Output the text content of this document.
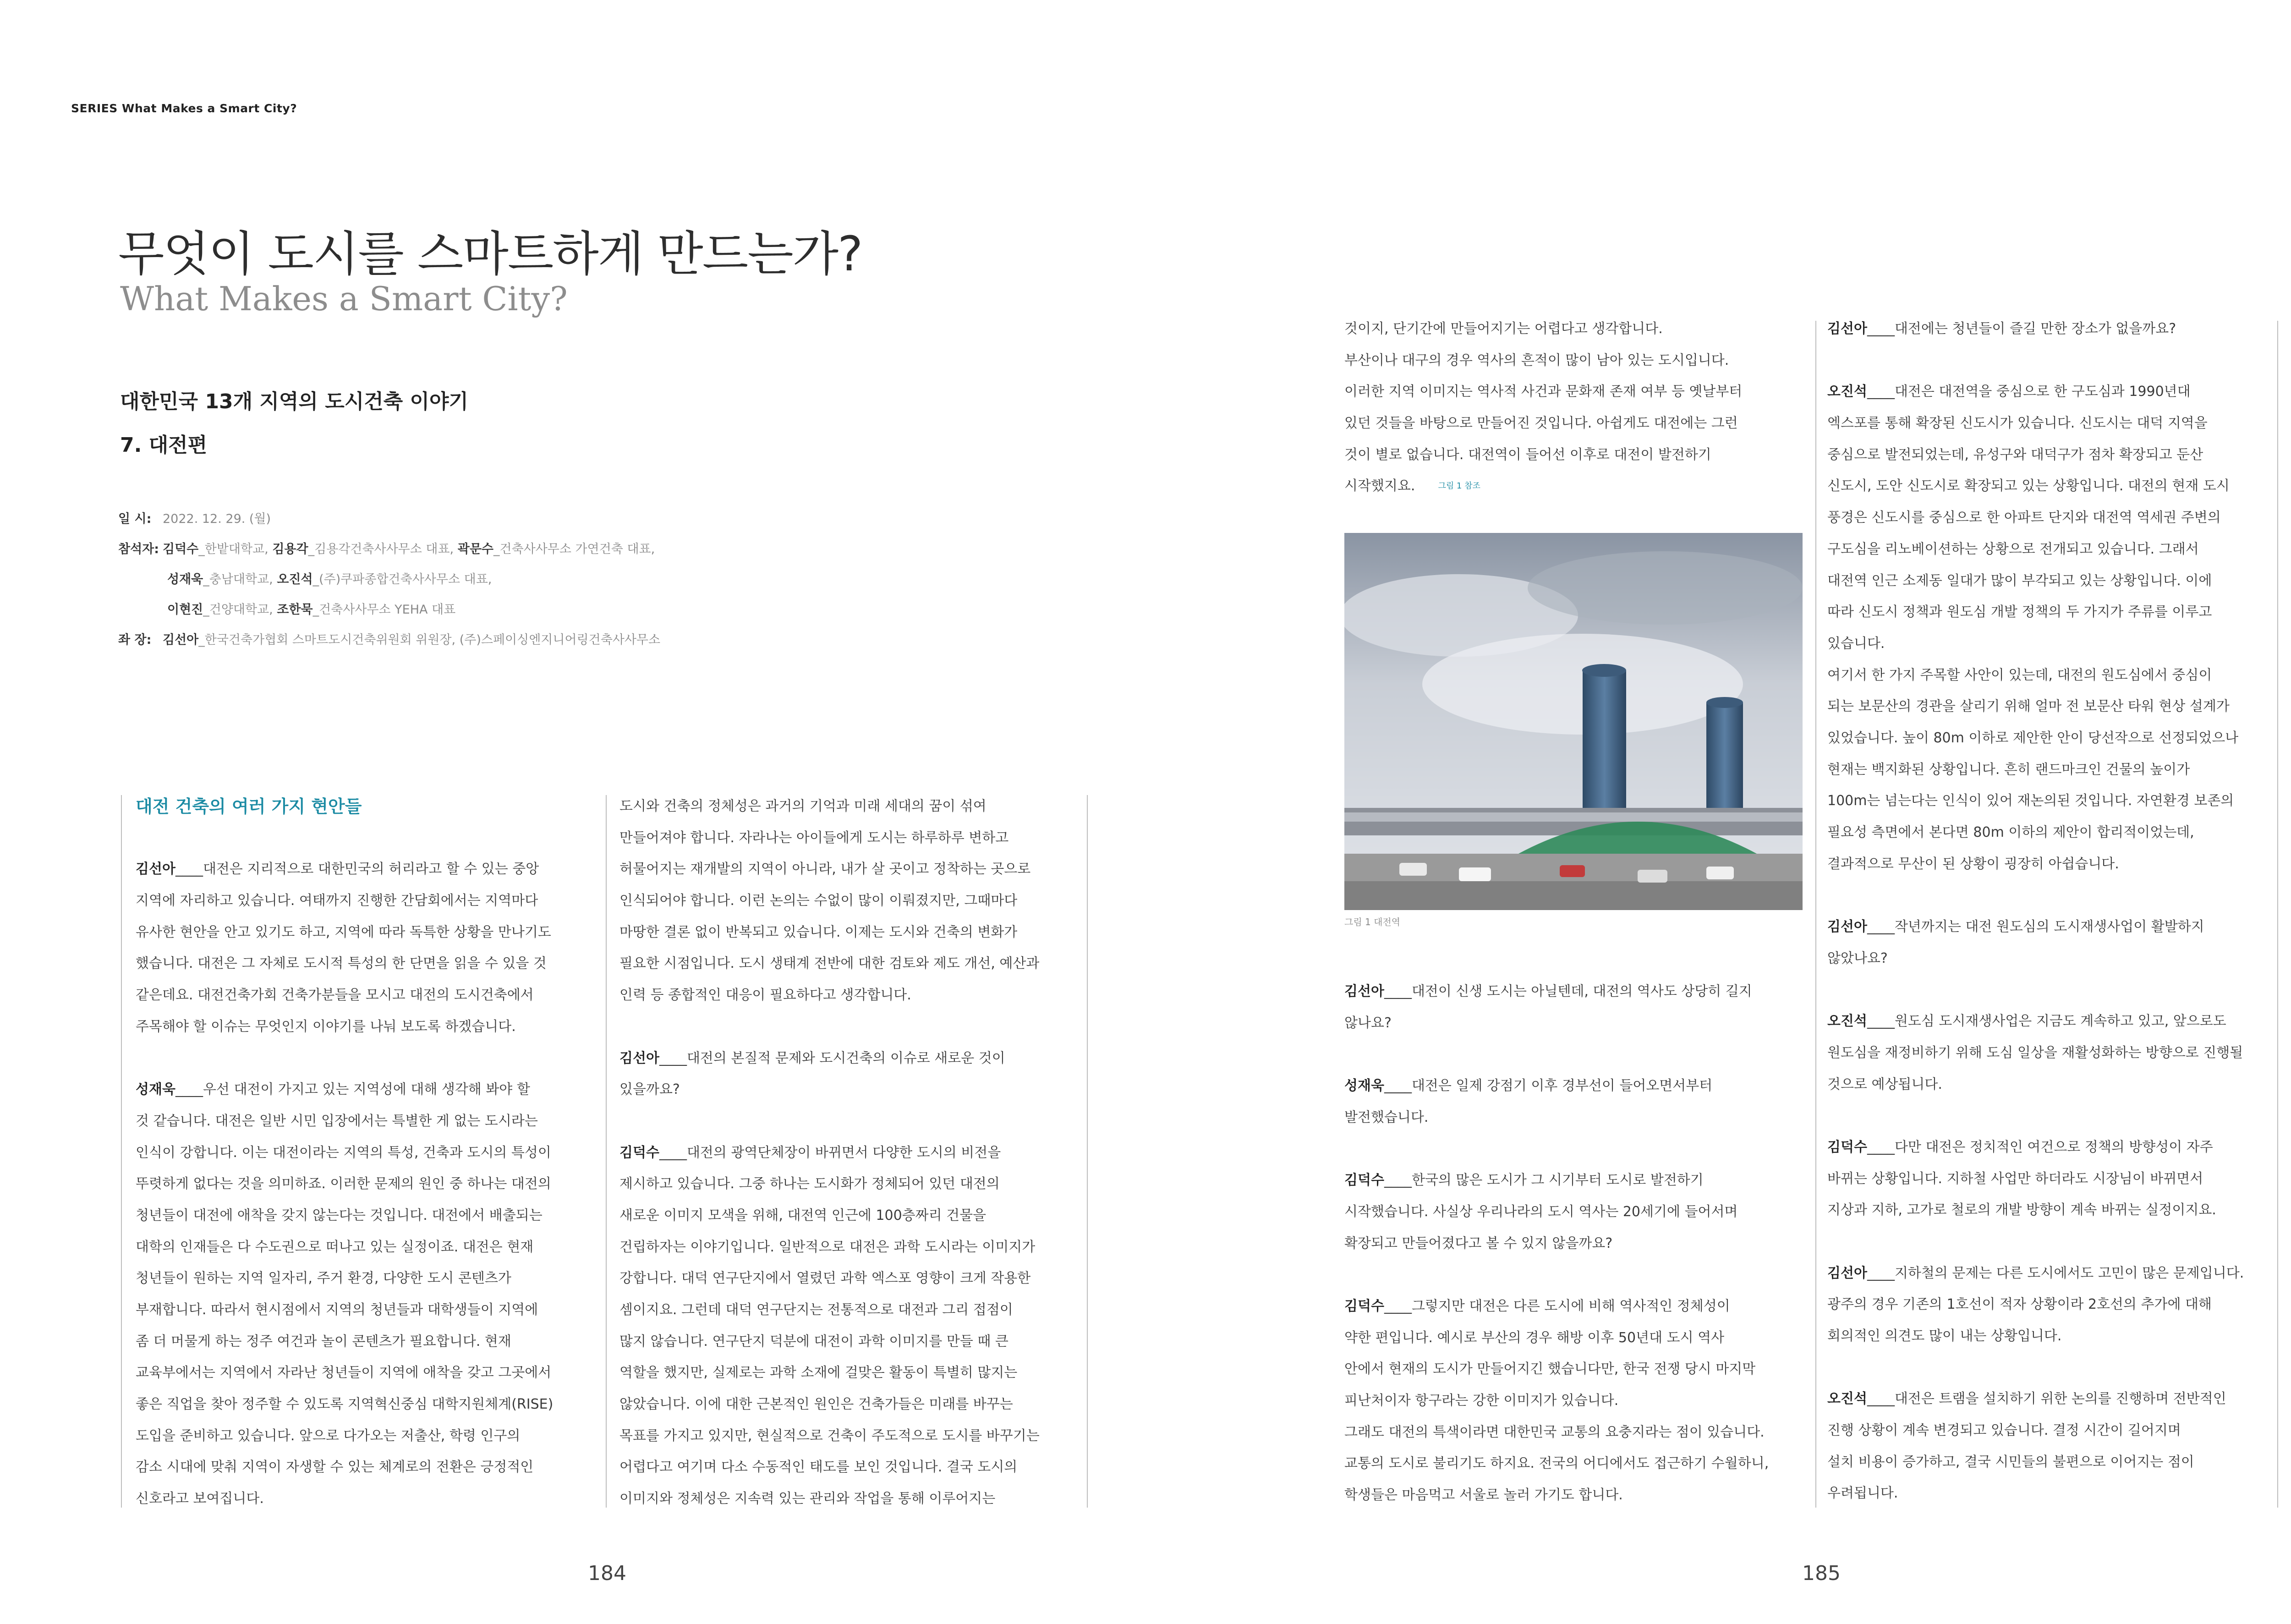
SERIES What Makes a Smart City?
무엇이 도시를 스마트하게 만드는가?
What Makes a Smart City?
대한민국 13개 지역의 도시건축 이야기
7. 대전편
일 시: 2022. 12. 29. (월)
참석자: 김덕수_한밭대학교, 김용각_김용각건축사사무소 대표, 곽문수_건축사사무소 가연건축 대표,
성재욱_충남대학교, 오진석_(주)쿠파종합건축사사무소 대표,
이현진_건양대학교, 조한묵_건축사사무소 YEHA 대표
좌 장: 김선아_한국건축가협회 스마트도시건축위원회 위원장, (주)스페이싱엔지니어링건축사사무소
대전 건축의 여러 가지 현안들
김선아____대전은 지리적으로 대한민국의 허리라고 할 수 있는 중앙
지역에 자리하고 있습니다. 여태까지 진행한 간담회에서는 지역마다
유사한 현안을 안고 있기도 하고, 지역에 따라 독특한 상황을 만나기도
했습니다. 대전은 그 자체로 도시적 특성의 한 단면을 읽을 수 있을 것
같은데요. 대전건축가회 건축가분들을 모시고 대전의 도시건축에서
주목해야 할 이슈는 무엇인지 이야기를 나눠 보도록 하겠습니다.
성재욱____우선 대전이 가지고 있는 지역성에 대해 생각해 봐야 할
것 같습니다. 대전은 일반 시민 입장에서는 특별한 게 없는 도시라는
인식이 강합니다. 이는 대전이라는 지역의 특성, 건축과 도시의 특성이
뚜렷하게 없다는 것을 의미하죠. 이러한 문제의 원인 중 하나는 대전의
청년들이 대전에 애착을 갖지 않는다는 것입니다. 대전에서 배출되는
대학의 인재들은 다 수도권으로 떠나고 있는 실정이죠. 대전은 현재
청년들이 원하는 지역 일자리, 주거 환경, 다양한 도시 콘텐츠가
부재합니다. 따라서 현시점에서 지역의 청년들과 대학생들이 지역에
좀 더 머물게 하는 정주 여건과 놀이 콘텐츠가 필요합니다. 현재
교육부에서는 지역에서 자라난 청년들이 지역에 애착을 갖고 그곳에서
좋은 직업을 찾아 정주할 수 있도록 지역혁신중심 대학지원체계(RISE)
도입을 준비하고 있습니다. 앞으로 다가오는 저출산, 학령 인구의
감소 시대에 맞춰 지역이 자생할 수 있는 체계로의 전환은 긍정적인
신호라고 보여집니다.
도시와 건축의 정체성은 과거의 기억과 미래 세대의 꿈이 섞여
만들어져야 합니다. 자라나는 아이들에게 도시는 하루하루 변하고
허물어지는 재개발의 지역이 아니라, 내가 살 곳이고 정착하는 곳으로
인식되어야 합니다. 이런 논의는 수없이 많이 이뤄졌지만, 그때마다
마땅한 결론 없이 반복되고 있습니다. 이제는 도시와 건축의 변화가
필요한 시점입니다. 도시 생태계 전반에 대한 검토와 제도 개선, 예산과
인력 등 종합적인 대응이 필요하다고 생각합니다.
김선아____대전의 본질적 문제와 도시건축의 이슈로 새로운 것이
있을까요?
김덕수____대전의 광역단체장이 바뀌면서 다양한 도시의 비전을
제시하고 있습니다. 그중 하나는 도시화가 정체되어 있던 대전의
새로운 이미지 모색을 위해, 대전역 인근에 100층짜리 건물을
건립하자는 이야기입니다. 일반적으로 대전은 과학 도시라는 이미지가
강합니다. 대덕 연구단지에서 열렸던 과학 엑스포 영향이 크게 작용한
셈이지요. 그런데 대덕 연구단지는 전통적으로 대전과 그리 접점이
많지 않습니다. 연구단지 덕분에 대전이 과학 이미지를 만들 때 큰
역할을 했지만, 실제로는 과학 소재에 걸맞은 활동이 특별히 많지는
않았습니다. 이에 대한 근본적인 원인은 건축가들은 미래를 바꾸는
목표를 가지고 있지만, 현실적으로 건축이 주도적으로 도시를 바꾸기는
어렵다고 여기며 다소 수동적인 태도를 보인 것입니다. 결국 도시의
이미지와 정체성은 지속력 있는 관리와 작업을 통해 이루어지는
것이지, 단기간에 만들어지기는 어렵다고 생각합니다.
부산이나 대구의 경우 역사의 흔적이 많이 남아 있는 도시입니다.
이러한 지역 이미지는 역사적 사건과 문화재 존재 여부 등 옛날부터
있던 것들을 바탕으로 만들어진 것입니다. 아쉽게도 대전에는 그런
것이 별로 없습니다. 대전역이 들어선 이후로 대전이 발전하기
시작했지요.	$^{그림 1 참조}$
김선아____대전이 신생 도시는 아닐텐데, 대전의 역사도 상당히 길지
않나요?
성재욱____대전은 일제 강점기 이후 경부선이 들어오면서부터
발전했습니다.
김덕수____한국의 많은 도시가 그 시기부터 도시로 발전하기
시작했습니다. 사실상 우리나라의 도시 역사는 20세기에 들어서며
확장되고 만들어졌다고 볼 수 있지 않을까요?
김덕수____그렇지만 대전은 다른 도시에 비해 역사적인 정체성이
약한 편입니다. 예시로 부산의 경우 해방 이후 50년대 도시 역사
안에서 현재의 도시가 만들어지긴 했습니다만, 한국 전쟁 당시 마지막
피난처이자 항구라는 강한 이미지가 있습니다.
그래도 대전의 특색이라면 대한민국 교통의 요충지라는 점이 있습니다.
교통의 도시로 불리기도 하지요. 전국의 어디에서도 접근하기 수월하니,
학생들은 마음먹고 서울로 놀러 가기도 합니다.
김선아____대전에는 청년들이 즐길 만한 장소가 없을까요?
오진석____대전은 대전역을 중심으로 한 구도심과 1990년대
엑스포를 통해 확장된 신도시가 있습니다. 신도시는 대덕 지역을
중심으로 발전되었는데, 유성구와 대덕구가 점차 확장되고 둔산
신도시, 도안 신도시로 확장되고 있는 상황입니다. 대전의 현재 도시
풍경은 신도시를 중심으로 한 아파트 단지와 대전역 역세권 주변의
구도심을 리노베이션하는 상황으로 전개되고 있습니다. 그래서
대전역 인근 소제동 일대가 많이 부각되고 있는 상황입니다. 이에
따라 신도시 정책과 원도심 개발 정책의 두 가지가 주류를 이루고
있습니다.
여기서 한 가지 주목할 사안이 있는데, 대전의 원도심에서 중심이
되는 보문산의 경관을 살리기 위해 얼마 전 보문산 타워 현상 설계가
있었습니다. 높이 80m 이하로 제안한 안이 당선작으로 선정되었으나
현재는 백지화된 상황입니다. 흔히 랜드마크인 건물의 높이가
100m는 넘는다는 인식이 있어 재논의된 것입니다. 자연환경 보존의
필요성 측면에서 본다면 80m 이하의 제안이 합리적이었는데,
결과적으로 무산이 된 상황이 굉장히 아쉽습니다.
김선아____작년까지는 대전 원도심의 도시재생사업이 활발하지
않았나요?
오진석____원도심 도시재생사업은 지금도 계속하고 있고, 앞으로도
원도심을 재정비하기 위해 도심 일상을 재활성화하는 방향으로 진행될
것으로 예상됩니다.
김덕수____다만 대전은 정치적인 여건으로 정책의 방향성이 자주
바뀌는 상황입니다. 지하철 사업만 하더라도 시장님이 바뀌면서
지상과 지하, 고가로 철로의 개발 방향이 계속 바뀌는 실정이지요.
김선아____지하철의 문제는 다른 도시에서도 고민이 많은 문제입니다.
광주의 경우 기존의 1호선이 적자 상황이라 2호선의 추가에 대해
회의적인 의견도 많이 내는 상황입니다.
오진석____대전은 트램을 설치하기 위한 논의를 진행하며 전반적인
진행 상황이 계속 변경되고 있습니다. 결정 시간이 길어지며
설치 비용이 증가하고, 결국 시민들의 불편으로 이어지는 점이
우려됩니다.
그림 1 대전역
184	185
